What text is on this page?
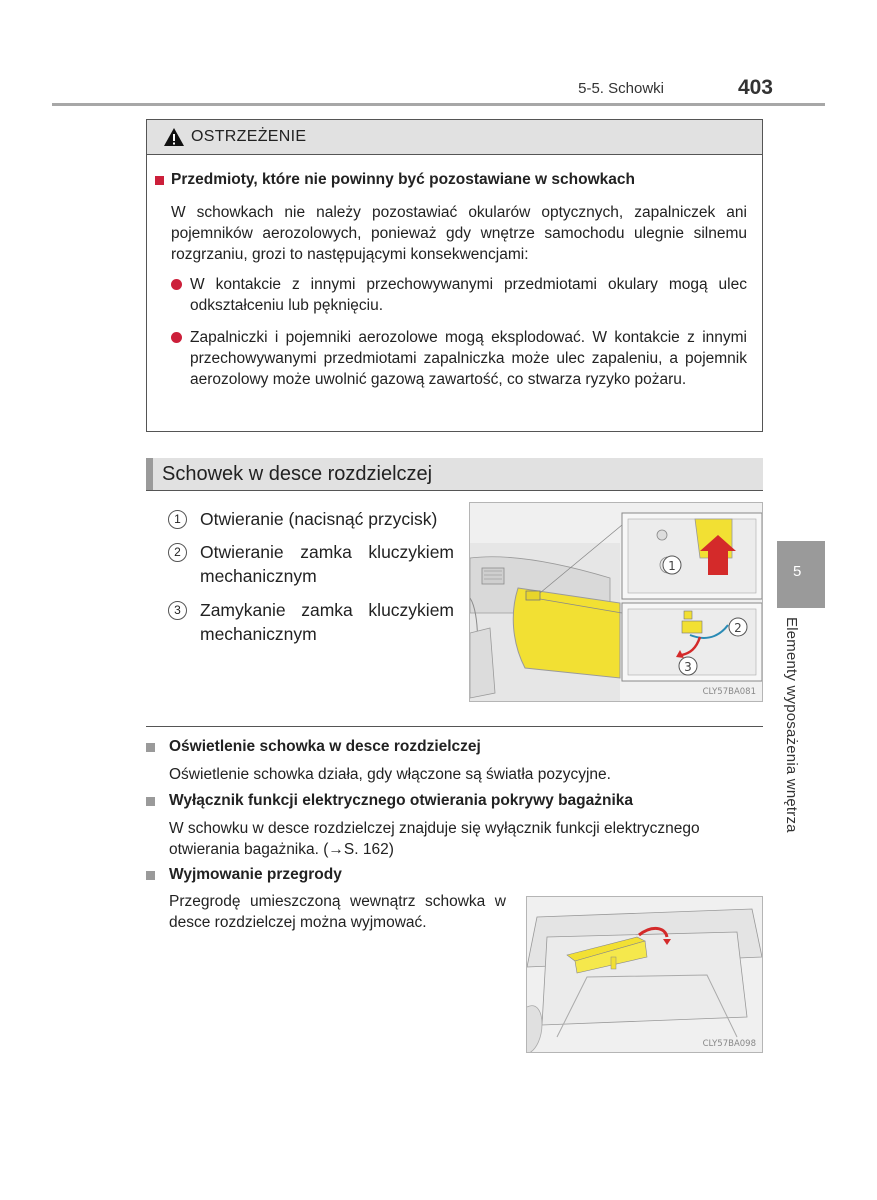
5-5. Schowki	403
OSTRZEŻENIE
Przedmioty, które nie powinny być pozostawiane w schowkach
W schowkach nie należy pozostawiać okularów optycznych, zapalniczek ani pojemników aerozolowych, ponieważ gdy wnętrze samochodu ulegnie silnemu rozgrzaniu, grozi to następującymi konsekwencjami:
W kontakcie z innymi przechowywanymi przedmiotami okulary mogą ulec odkształceniu lub pęknięciu.
Zapalniczki i pojemniki aerozolowe mogą eksplodować. W kontakcie z innymi przechowywanymi przedmiotami zapalniczka może ulec zapaleniu, a pojemnik aerozolowy może uwolnić gazową zawartość, co stwarza ryzyko pożaru.
Schowek w desce rozdzielczej
1	Otwieranie (nacisnąć przycisk)
2	Otwieranie zamka kluczykiem mechanicznym
3	Zamykanie zamka kluczykiem mechanicznym
1
2
3
CLY57BA081
Oświetlenie schowka w desce rozdzielczej
Oświetlenie schowka działa, gdy włączone są światła pozycyjne.
Wyłącznik funkcji elektrycznego otwierania pokrywy bagażnika
W schowku w desce rozdzielczej znajduje się wyłącznik funkcji elektrycznego otwierania bagażnika. (→S. 162)
Wyjmowanie przegrody
Przegrodę umieszczoną wewnątrz schowka w desce rozdzielczej można wyjmować.
CLY57BA098
5
Elementy wyposażenia wnętrza
